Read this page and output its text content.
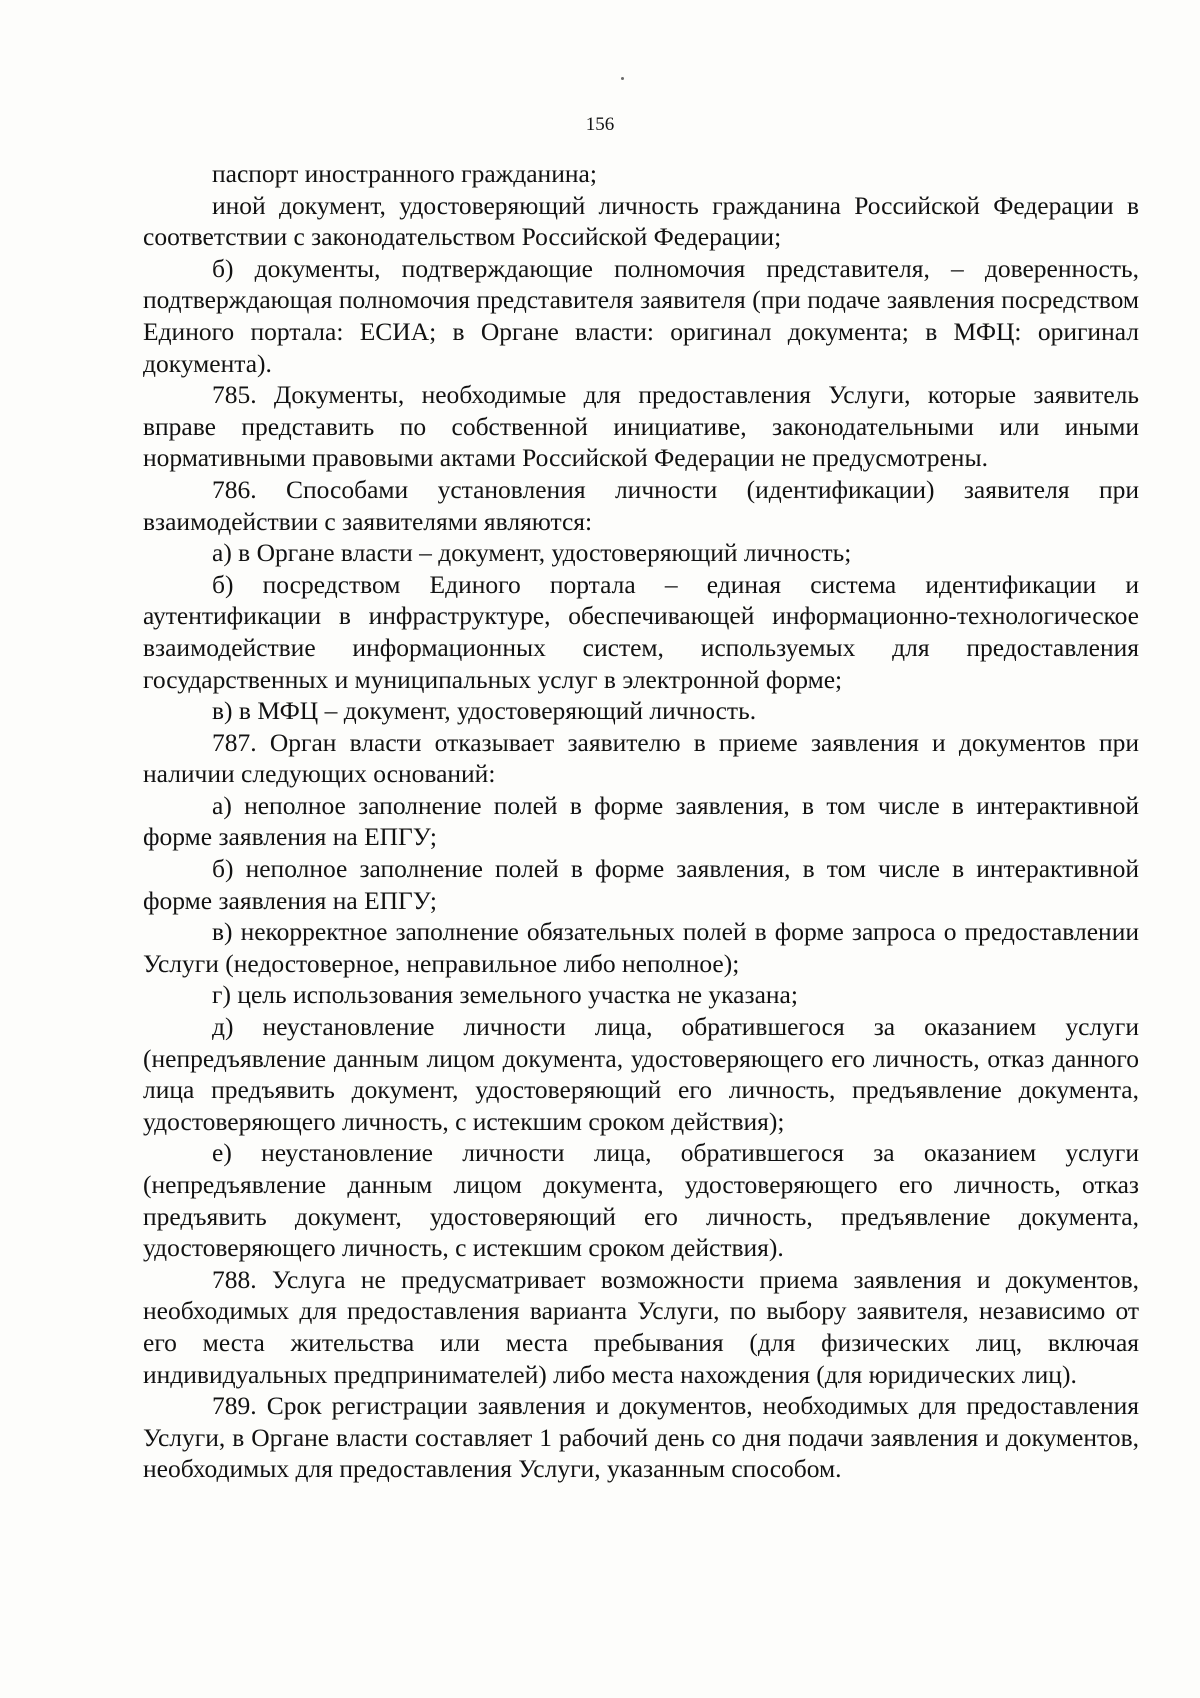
156

паспорт иностранного гражданина;

иной документ, удостоверяющий личность гражданина Российской Федерации в соответствии с законодательством Российской Федерации;

б) документы, подтверждающие полномочия представителя, – доверенность, подтверждающая полномочия представителя заявителя (при подаче заявления посредством Единого портала: ЕСИА; в Органе власти: оригинал документа; в МФЦ: оригинал документа).

785. Документы, необходимые для предоставления Услуги, которые заявитель вправе представить по собственной инициативе, законодательными или иными нормативными правовыми актами Российской Федерации не предусмотрены.

786. Способами установления личности (идентификации) заявителя при взаимодействии с заявителями являются:

а) в Органе власти – документ, удостоверяющий личность;

б) посредством Единого портала – единая система идентификации и аутентификации в инфраструктуре, обеспечивающей информационно-технологическое взаимодействие информационных систем, используемых для предоставления государственных и муниципальных услуг в электронной форме;

в) в МФЦ – документ, удостоверяющий личность.

787. Орган власти отказывает заявителю в приеме заявления и документов при наличии следующих оснований:

а) неполное заполнение полей в форме заявления, в том числе в интерактивной форме заявления на ЕПГУ;

б) неполное заполнение полей в форме заявления, в том числе в интерактивной форме заявления на ЕПГУ;

в) некорректное заполнение обязательных полей в форме запроса о предоставлении Услуги (недостоверное, неправильное либо неполное);

г) цель использования земельного участка не указана;

д) неустановление личности лица, обратившегося за оказанием услуги (непредъявление данным лицом документа, удостоверяющего его личность, отказ данного лица предъявить документ, удостоверяющий его личность, предъявление документа, удостоверяющего личность, с истекшим сроком действия);

е) неустановление личности лица, обратившегося за оказанием услуги (непредъявление данным лицом документа, удостоверяющего его личность, отказ предъявить документ, удостоверяющий его личность, предъявление документа, удостоверяющего личность, с истекшим сроком действия).

788. Услуга не предусматривает возможности приема заявления и документов, необходимых для предоставления варианта Услуги, по выбору заявителя, независимо от его места жительства или места пребывания (для физических лиц, включая индивидуальных предпринимателей) либо места нахождения (для юридических лиц).

789. Срок регистрации заявления и документов, необходимых для предоставления Услуги, в Органе власти составляет 1 рабочий день со дня подачи заявления и документов, необходимых для предоставления Услуги, указанным способом.
